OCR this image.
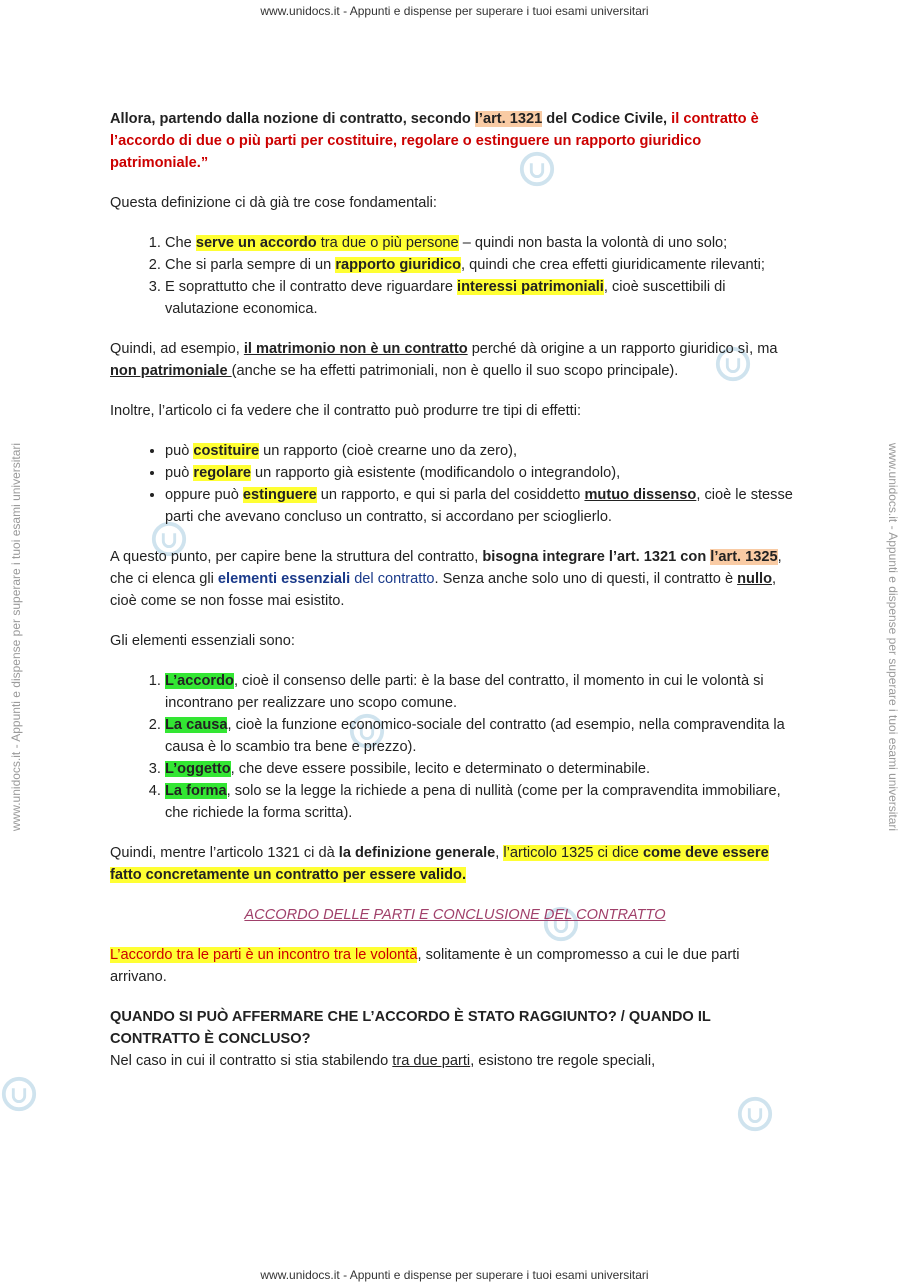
www.unidocs.it - Appunti e dispense per superare i tuoi esami universitari
www.unidocs.it - Appunti e dispense per superare i tuoi esami universitari
www.unidocs.it - Appunti e dispense per superare i tuoi esami universitari	www.unidocs.it - Appunti e dispense per superare i tuoi esami universitari

Allora, partendo dalla nozione di contratto, secondo l’art. 1321 del Codice Civile, il contratto è l’accordo di due o più parti per costituire, regolare o estinguere un rapporto giuridico patrimoniale.”

Questa definizione ci dà già tre cose fondamentali:

1. Che serve un accordo tra due o più persone – quindi non basta la volontà di uno solo;
2. Che si parla sempre di un rapporto giuridico, quindi che crea effetti giuridicamente rilevanti;
3. E soprattutto che il contratto deve riguardare interessi patrimoniali, cioè suscettibili di valutazione economica.

Quindi, ad esempio, il matrimonio non è un contratto perché dà origine a un rapporto giuridico sì, ma non patrimoniale (anche se ha effetti patrimoniali, non è quello il suo scopo principale).

Inoltre, l’articolo ci fa vedere che il contratto può produrre tre tipi di effetti:

• può costituire un rapporto (cioè crearne uno da zero),
• può regolare un rapporto già esistente (modificandolo o integrandolo),
• oppure può estinguere un rapporto, e qui si parla del cosiddetto mutuo dissenso, cioè le stesse parti che avevano concluso un contratto, si accordano per scioglierlo.

A questo punto, per capire bene la struttura del contratto, bisogna integrare l’art. 1321 con l’art. 1325, che ci elenca gli elementi essenziali del contratto. Senza anche solo uno di questi, il contratto è nullo, cioè come se non fosse mai esistito.

Gli elementi essenziali sono:

1. L’accordo, cioè il consenso delle parti: è la base del contratto, il momento in cui le volontà si incontrano per realizzare uno scopo comune.
2. La causa, cioè la funzione economico-sociale del contratto (ad esempio, nella compravendita la causa è lo scambio tra bene e prezzo).
3. L’oggetto, che deve essere possibile, lecito e determinato o determinabile.
4. La forma, solo se la legge la richiede a pena di nullità (come per la compravendita immobiliare, che richiede la forma scritta).

Quindi, mentre l’articolo 1321 ci dà la definizione generale, l’articolo 1325 ci dice come deve essere fatto concretamente un contratto per essere valido.

ACCORDO DELLE PARTI E CONCLUSIONE DEL CONTRATTO

L’accordo tra le parti è un incontro tra le volontà, solitamente è un compromesso a cui le due parti arrivano.

QUANDO SI PUÒ AFFERMARE CHE L’ACCORDO È STATO RAGGIUNTO? / QUANDO IL CONTRATTO È CONCLUSO?

Nel caso in cui il contratto si stia stabilendo tra due parti, esistono tre regole speciali,
